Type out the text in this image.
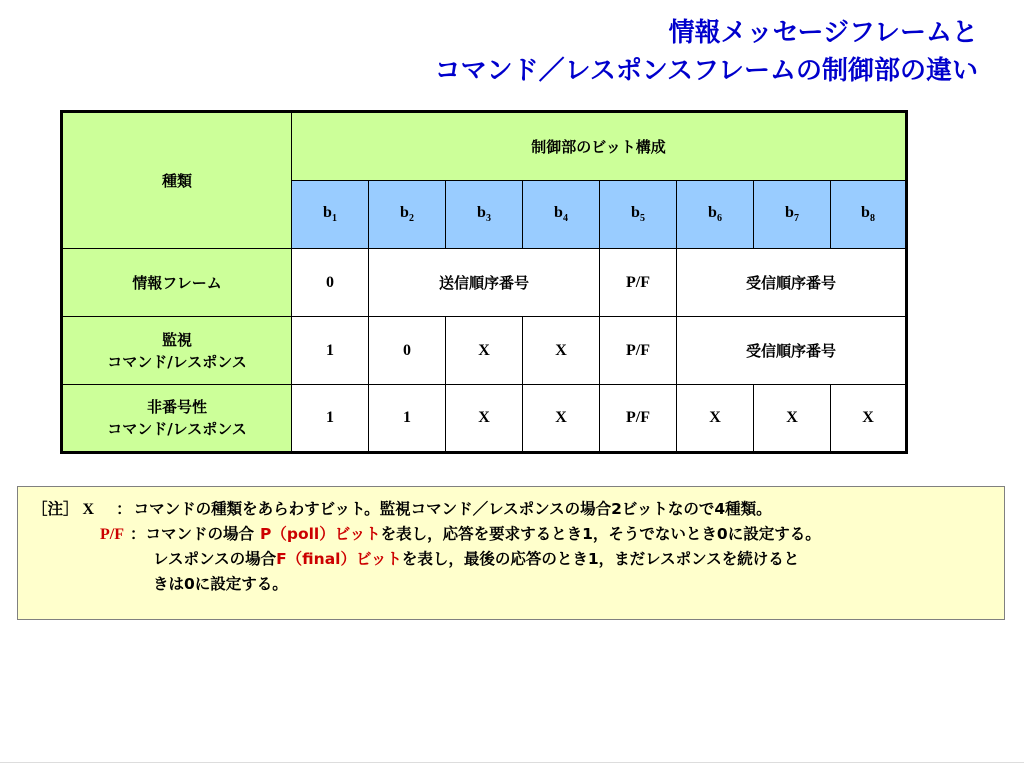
情報メッセージフレームと
コマンド／レスポンスフレームの制御部の違い
種類	制御部のビット構成							
	$b_1$	$b_2$	$b_3$	$b_4$	$b_5$	$b_6$	$b_7$	$b_8$
情報フレーム	0	送信順序番号			P/F	受信順序番号		

監視
コマンド/レスポンス	1	0	X	X	P/F	受信順序番号		

非番号性
コマンド/レスポンス	1	1	X	X	P/F	X	X	X
［注］ X ： コマンドの種類をあらわすビット。監視コマンド／レスポンスの場合2ビットなので4種類。
P/F ：コマンドの場合 P（poll）ビットを表し，応答を要求するとき1，そうでないとき0に設定する。
レスポンスの場合F（final）ビットを表し，最後の応答のとき1，まだレスポンスを続けると
きは0に設定する。
